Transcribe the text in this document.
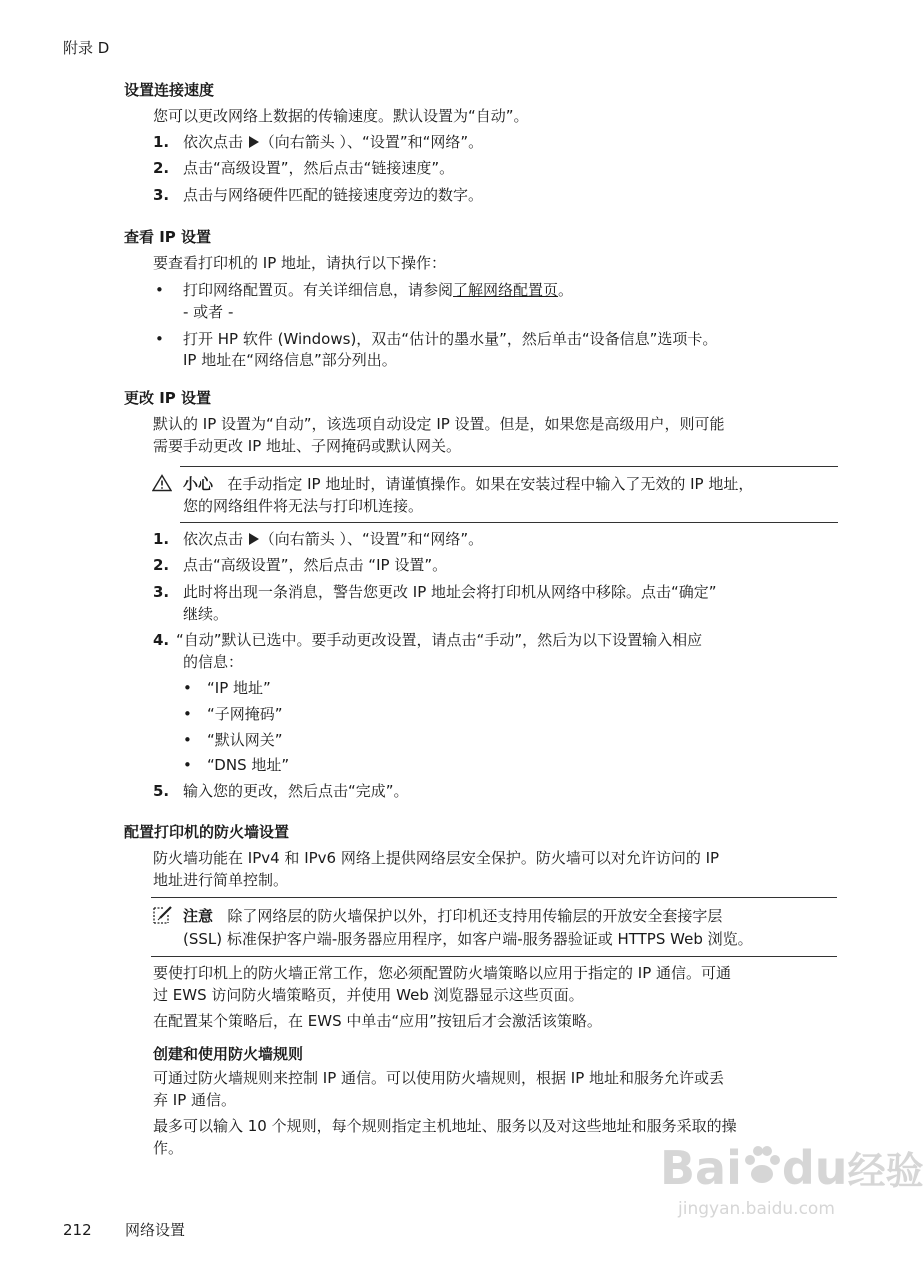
附录 D
设置连接速度
您可以更改网络上数据的传输速度。默认设置为“自动”。
1. 依次点击 （向右箭头 ）、“设置”和“网络”。
2. 点击“高级设置”，然后点击“链接速度”。
3. 点击与网络硬件匹配的链接速度旁边的数字。
查看 IP 设置
要查看打印机的 IP 地址，请执行以下操作：
• 打印网络配置页。有关详细信息，请参阅了解网络配置页。
- 或者 -
• 打开 HP 软件 (Windows)，双击“估计的墨水量”，然后单击“设备信息”选项卡。
IP 地址在“网络信息”部分列出。
更改 IP 设置
默认的 IP 设置为“自动”，该选项自动设定 IP 设置。但是，如果您是高级用户，则可能
需要手动更改 IP 地址、子网掩码或默认网关。
小心 在手动指定 IP 地址时，请谨慎操作。如果在安装过程中输入了无效的 IP 地址，
您的网络组件将无法与打印机连接。
1. 依次点击 （向右箭头 ）、“设置”和“网络”。
2. 点击“高级设置”，然后点击 “IP 设置”。
3. 此时将出现一条消息，警告您更改 IP 地址会将打印机从网络中移除。点击“确定”
继续。
4. “自动”默认已选中。要手动更改设置，请点击“手动”，然后为以下设置输入相应
的信息：
• “IP 地址”
• “子网掩码”
• “默认网关”
• “DNS 地址”
5. 输入您的更改，然后点击“完成”。
配置打印机的防火墙设置
防火墙功能在 IPv4 和 IPv6 网络上提供网络层安全保护。防火墙可以对允许访问的 IP
地址进行简单控制。
注意 除了网络层的防火墙保护以外，打印机还支持用传输层的开放安全套接字层
(SSL) 标准保护客户端-服务器应用程序，如客户端-服务器验证或 HTTPS Web 浏览。
要使打印机上的防火墙正常工作，您必须配置防火墙策略以应用于指定的 IP 通信。可通
过 EWS 访问防火墙策略页，并使用 Web 浏览器显示这些页面。
在配置某个策略后，在 EWS 中单击“应用”按钮后才会激活该策略。
创建和使用防火墙规则
可通过防火墙规则来控制 IP 通信。可以使用防火墙规则，根据 IP 地址和服务允许或丢
弃 IP 通信。
最多可以输入 10 个规则，每个规则指定主机地址、服务以及对这些地址和服务采取的操
作。	Bai du经验
jingyan.baidu.com
212 网络设置
